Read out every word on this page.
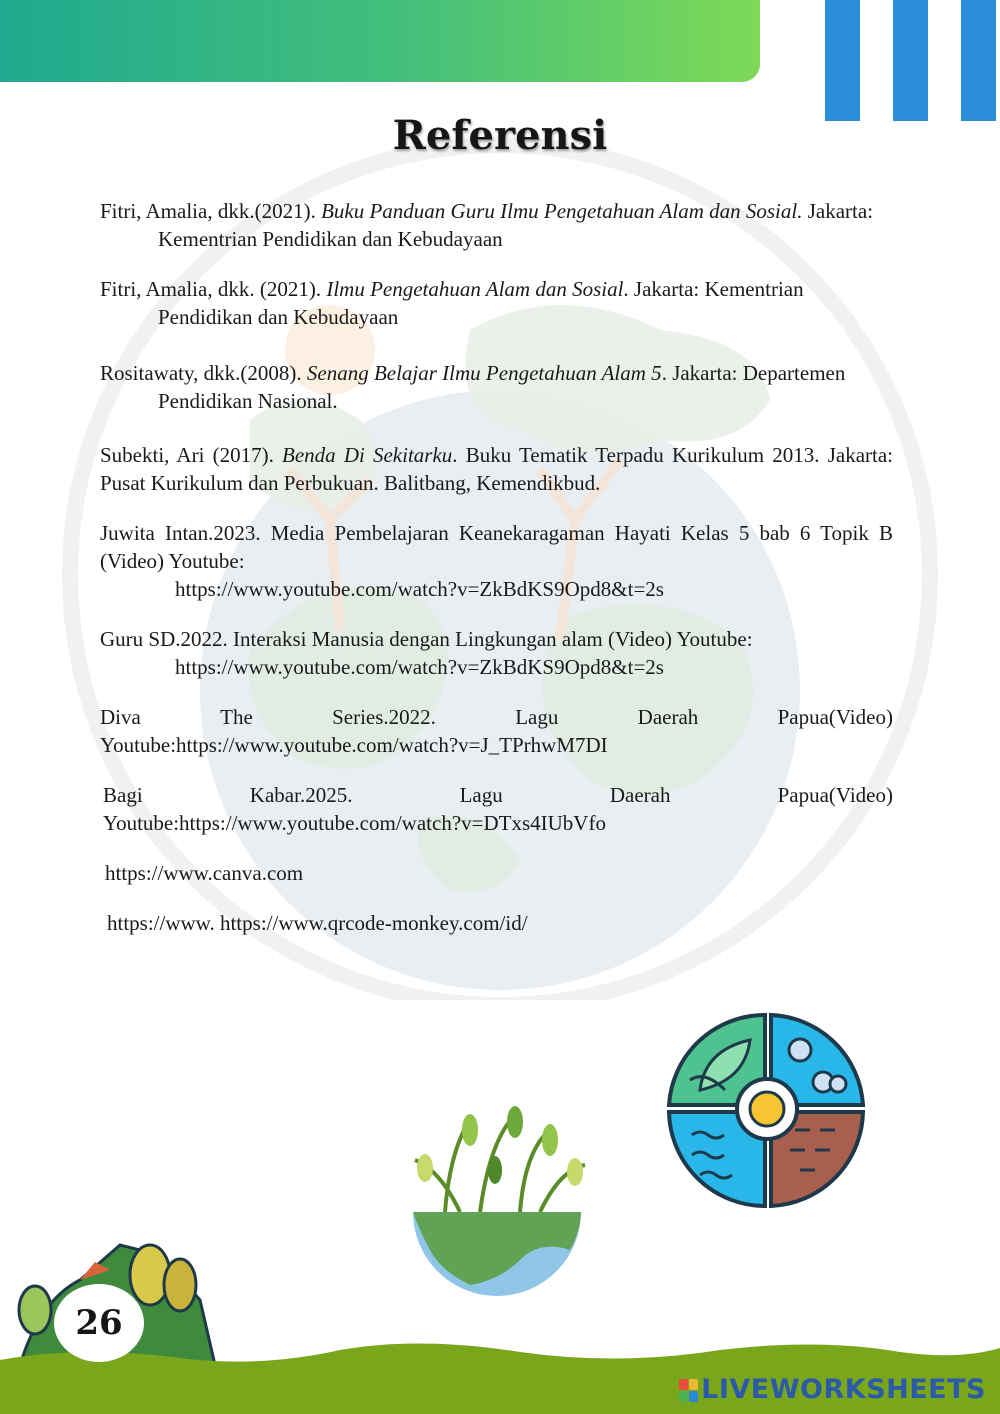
Referensi
Fitri, Amalia, dkk.(2021). Buku Panduan Guru Ilmu Pengetahuan Alam dan Sosial. Jakarta: Kementrian Pendidikan dan Kebudayaan
Fitri, Amalia, dkk. (2021). Ilmu Pengetahuan Alam dan Sosial. Jakarta: Kementrian Pendidikan dan Kebudayaan
Rositawaty, dkk.(2008). Senang Belajar Ilmu Pengetahuan Alam 5. Jakarta: Departemen Pendidikan Nasional.
Subekti, Ari (2017). Benda Di Sekitarku. Buku Tematik Terpadu Kurikulum 2013. Jakarta: Pusat Kurikulum dan Perbukuan. Balitbang, Kemendikbud.
Juwita Intan.2023. Media Pembelajaran Keanekaragaman Hayati Kelas 5 bab 6 Topik B (Video) Youtube:
https://www.youtube.com/watch?v=ZkBdKS9Opd8&t=2s
Guru SD.2022. Interaksi Manusia dengan Lingkungan alam (Video) Youtube:
https://www.youtube.com/watch?v=ZkBdKS9Opd8&t=2s
Diva	The	Series.2022.	Lagu	Daerah	Papua(Video)
Youtube:https://www.youtube.com/watch?v=J_TPrhwM7DI
Bagi	Kabar.2025.	Lagu	Daerah	Papua(Video)
Youtube:https://www.youtube.com/watch?v=DTxs4IUbVfo
https://www.canva.com
https://www. https://www.qrcode-monkey.com/id/
26
LIVEWORKSHEETS
